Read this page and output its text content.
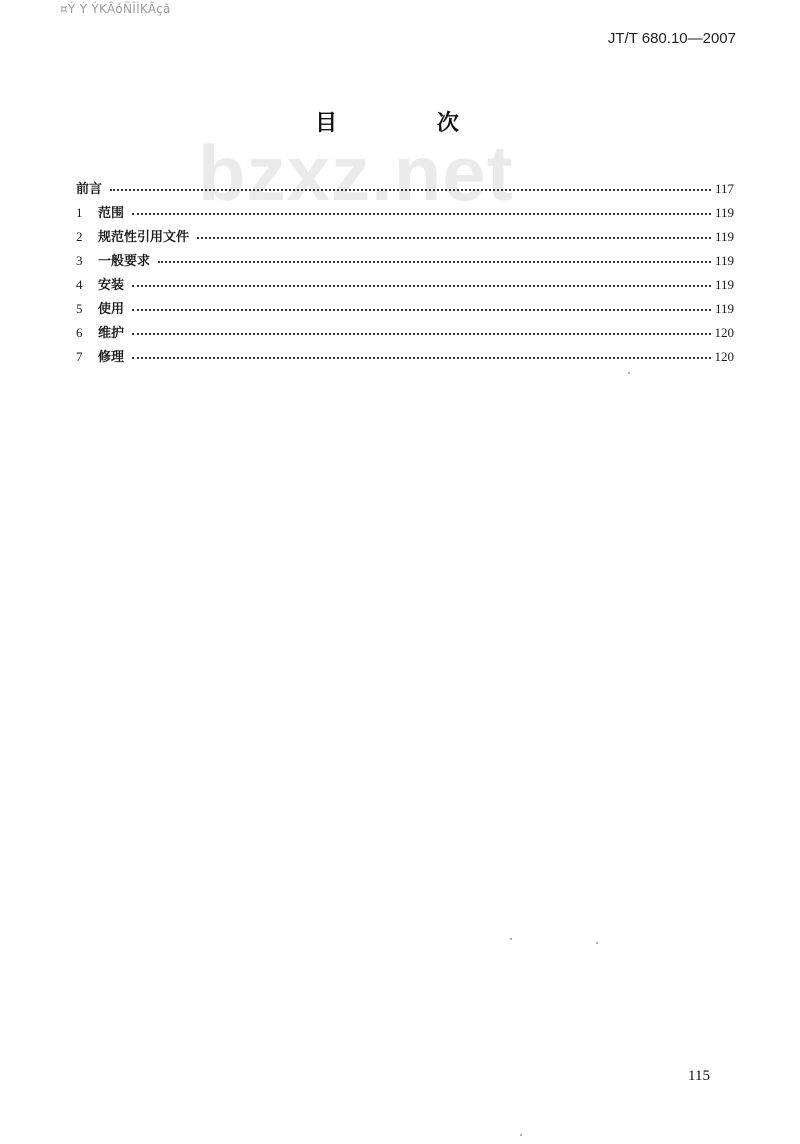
¤Ý Ý ÝKÂóÑÎÌKÂçã
JT/T 680.10—2007
bzxz.net
目 次
前言	117
1	范围	119
2	规范性引用文件	119
3	一般要求	119
4	安装	119
5	使用	119
6	维护	120
7	修理	120
115
